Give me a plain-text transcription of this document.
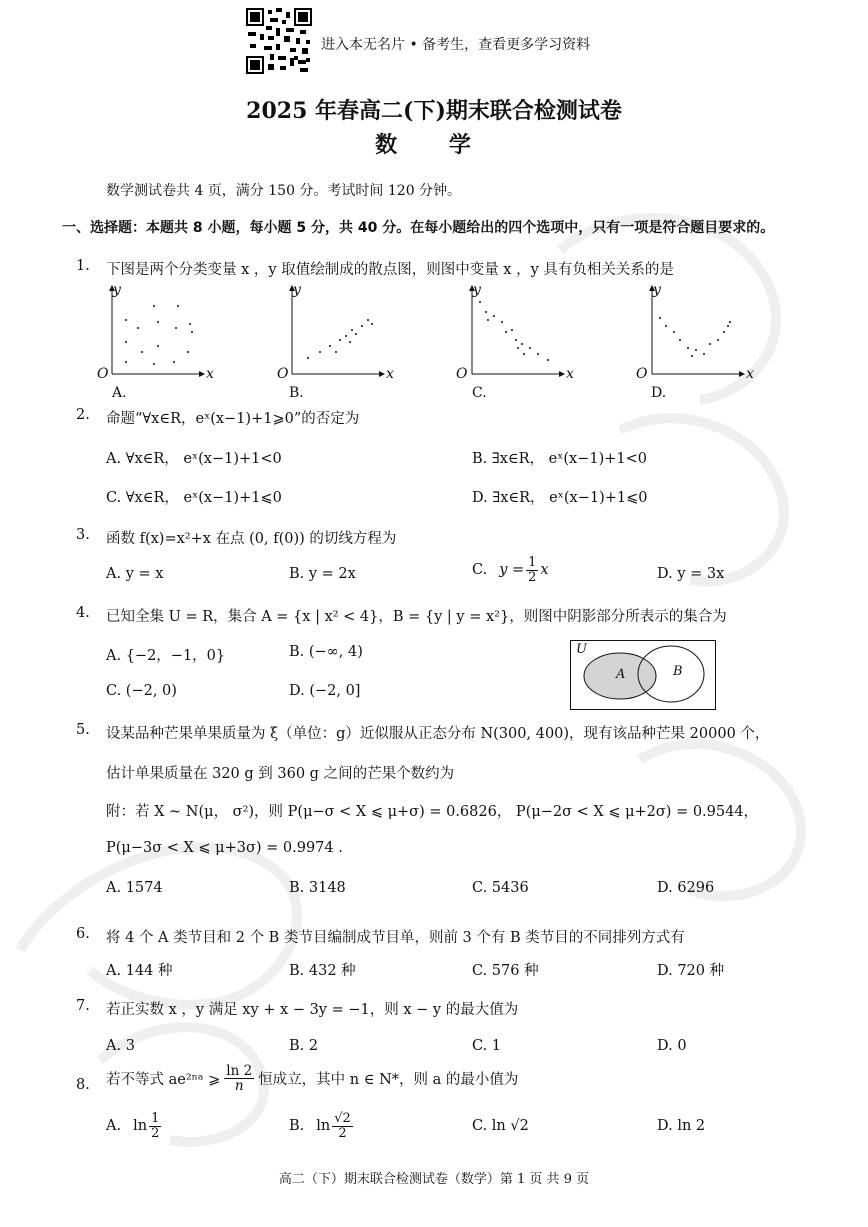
进入本无名片 • 备考生，查看更多学习资料
2025 年春高二(下)期末联合检测试卷
数 学
数学测试卷共 4 页，满分 150 分。考试时间 120 分钟。
一、选择题：本题共 8 小题，每小题 5 分，共 40 分。在每小题给出的四个选项中，只有一项是符合题目要求的。
1. 下图是两个分类变量 x ，y 取值绘制成的散点图，则图中变量 x ，y 具有负相关关系的是
y
x
O
A.
y
x
O
B.
y
x
O
C.
y
x
O
D.
2. 命题“∀x∈R，eˣ(x−1)+1⩾0”的否定为
A. ∀x∈R， eˣ(x−1)+1<0	B. ∃x∈R， eˣ(x−1)+1<0
C. ∀x∈R， eˣ(x−1)+1⩽0	D. ∃x∈R， eˣ(x−1)+1⩽0
3. 函数 f(x)=x²+x 在点 (0, f(0)) 的切线方程为
A. y = x	B. y = 2x	C. $y = \frac{1}{2}$ x	D. y = 3x
4. 已知全集 U = R，集合 A = {x | x² < 4}，B = {y | y = x²}，则图中阴影部分所表示的集合为
A. {−2，−1，0}	B. (−∞, 4)
C. (−2, 0)	D. (−2, 0]
U
A	B
5. 设某品种芒果单果质量为 ξ（单位：g）近似服从正态分布 N(300, 400)，现有该品种芒果 20000 个，
估计单果质量在 320 g 到 360 g 之间的芒果个数约为
附：若 X ~ N(μ， σ²)，则 P(μ−σ < X ⩽ μ+σ) = 0.6826， P(μ−2σ < X ⩽ μ+2σ) = 0.9544，
P(μ−3σ < X ⩽ μ+3σ) = 0.9974 .
A. 1574	B. 3148	C. 5436	D. 6296
6. 将 4 个 A 类节目和 2 个 B 类节目编制成节目单，则前 3 个有 B 类节目的不同排列方式有
A. 144 种	B. 432 种	C. 576 种	D. 720 种
7. 若正实数 x ，y 满足 xy + x − 3y = −1，则 x − y 的最大值为
A. 3	B. 2	C. 1	D. 0
8. 若不等式 ae²ⁿᵃ ⩾ $\frac{\ln 2}{n}$ 恒成立，其中 n ∈ N*，则 a 的最小值为
A. $\ln \frac{1}{2}$	B. $\ln \frac{√2}{2}$	C. ln √2	D. ln 2
高二（下）期末联合检测试卷（数学）第 1 页 共 9 页
